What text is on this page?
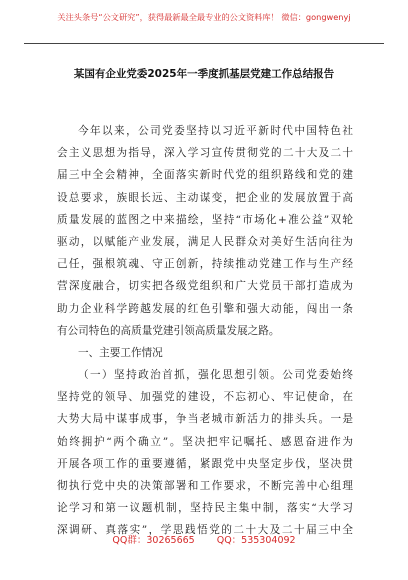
关注头条号“公文研究”，获得最新最全最专业的公文资料库！ 微信：gongwenyj
某国有企业党委2025年一季度抓基层党建工作总结报告
今年以来，公司党委坚持以习近平新时代中国特色社
会主义思想为指导，深入学习宣传贯彻党的二十大及二十
届三中全会精神，全面落实新时代党的组织路线和党的建
设总要求，族眼长远、主动谋变，把企业的发展放置于高
质量发展的蓝图之中来描绘，坚持“市场化+准公益”双轮
驱动，以赋能产业发展，满足人民群众对美好生活向往为
己任，强根筑魂、守正创新，持续推动党建工作与生产经
营深度融合，切实把各级党组织和广大党员干部打造成为
助力企业科学跨越发展的红色引擎和强大动能，闯出一条
有公司特色的高质量党建引领高质量发展之路。
一、主要工作情况
（一）坚持政治首抓，强化思想引领。公司党委始终
坚持党的领导、加强党的建设，不忘初心、牢记使命，在
大势大局中谋事成事，争当老城市新活力的排头兵。一是
始终拥护“两个确立”。坚决把牢记嘱托、感恩奋进作为
开展各项工作的重要遵循，紧跟党中央坚定步伐，坚决贯
彻执行党中央的决策部署和工作要求，不断完善中心组理
论学习和第一议题机制，坚持民主集中制，落实“大学习
深调研、真落实”，学思践悟党的二十大及二十届三中全
QQ群：30265665 QQ：535304092
